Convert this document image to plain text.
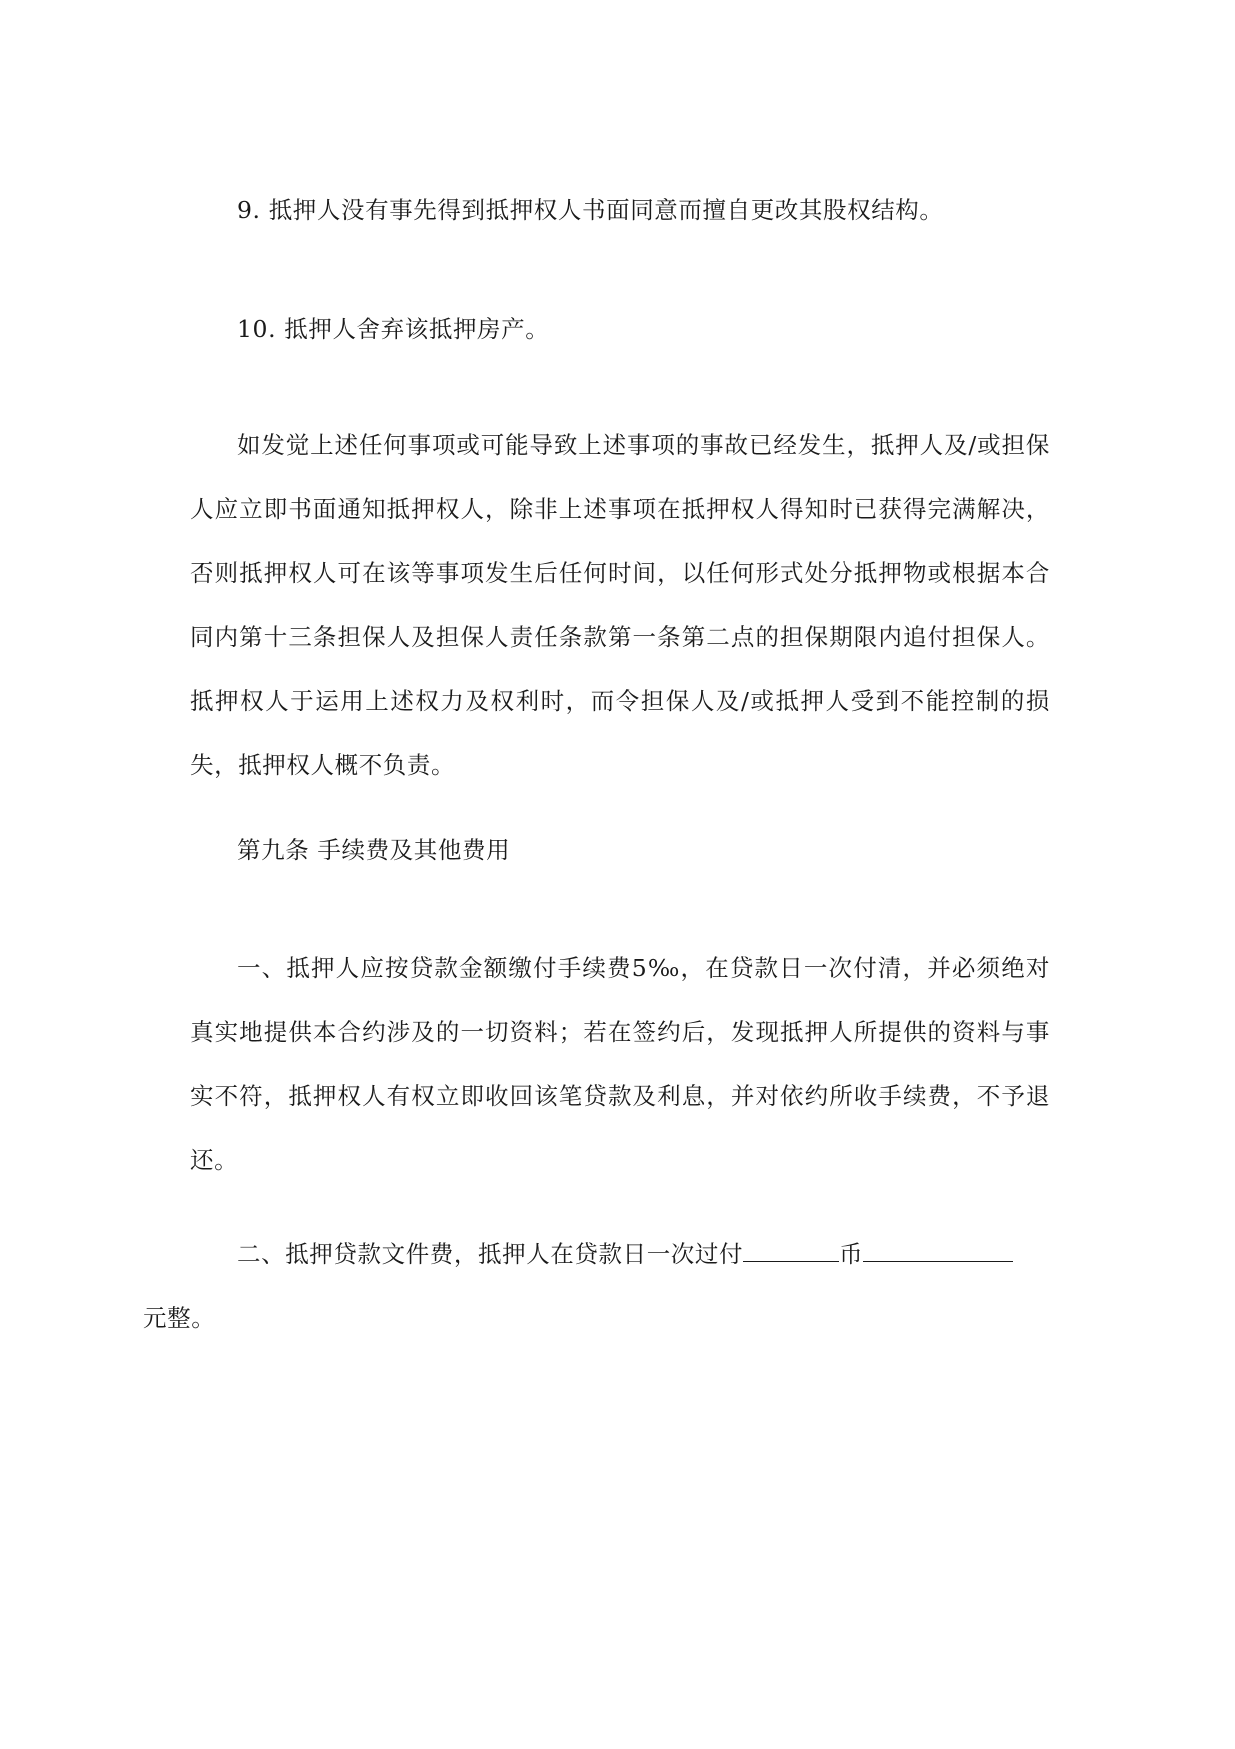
9. 抵押人没有事先得到抵押权人书面同意而擅自更改其股权结构。

10. 抵押人舍弃该抵押房产。

如发觉上述任何事项或可能导致上述事项的事故已经发生，抵押人及/或担保人应立即书面通知抵押权人，除非上述事项在抵押权人得知时已获得完满解决，否则抵押权人可在该等事项发生后任何时间，以任何形式处分抵押物或根据本合同内第十三条担保人及担保人责任条款第一条第二点的担保期限内追付担保人。抵押权人于运用上述权力及权利时，而令担保人及/或抵押人受到不能控制的损失，抵押权人概不负责。

第九条 手续费及其他费用

一、抵押人应按贷款金额缴付手续费5‰，在贷款日一次付清，并必须绝对真实地提供本合约涉及的一切资料；若在签约后，发现抵押人所提供的资料与事实不符，抵押权人有权立即收回该笔贷款及利息，并对依约所收手续费，不予退还。

二、抵押贷款文件费，抵押人在贷款日一次过付	币
元整。
